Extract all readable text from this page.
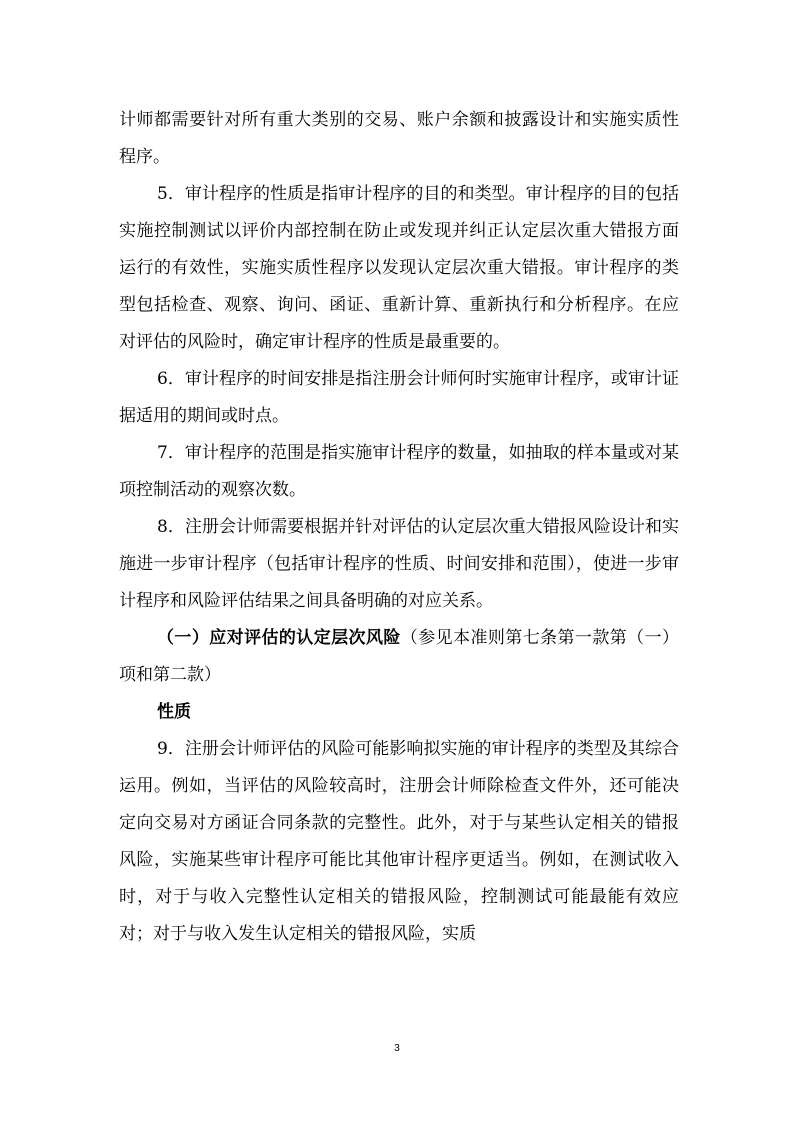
计师都需要针对所有重大类别的交易、账户余额和披露设计和实施实质性程序。

5．审计程序的性质是指审计程序的目的和类型。审计程序的目的包括实施控制测试以评价内部控制在防止或发现并纠正认定层次重大错报方面运行的有效性，实施实质性程序以发现认定层次重大错报。审计程序的类型包括检查、观察、询问、函证、重新计算、重新执行和分析程序。在应对评估的风险时，确定审计程序的性质是最重要的。

6．审计程序的时间安排是指注册会计师何时实施审计程序，或审计证据适用的期间或时点。

7．审计程序的范围是指实施审计程序的数量，如抽取的样本量或对某项控制活动的观察次数。

8．注册会计师需要根据并针对评估的认定层次重大错报风险设计和实施进一步审计程序（包括审计程序的性质、时间安排和范围），使进一步审计程序和风险评估结果之间具备明确的对应关系。

（一）应对评估的认定层次风险（参见本准则第七条第一款第（一）项和第二款）

性质

9．注册会计师评估的风险可能影响拟实施的审计程序的类型及其综合运用。例如，当评估的风险较高时，注册会计师除检查文件外，还可能决定向交易对方函证合同条款的完整性。此外，对于与某些认定相关的错报风险，实施某些审计程序可能比其他审计程序更适当。例如，在测试收入时，对于与收入完整性认定相关的错报风险，控制测试可能最能有效应对；对于与收入发生认定相关的错报风险，实质

3
